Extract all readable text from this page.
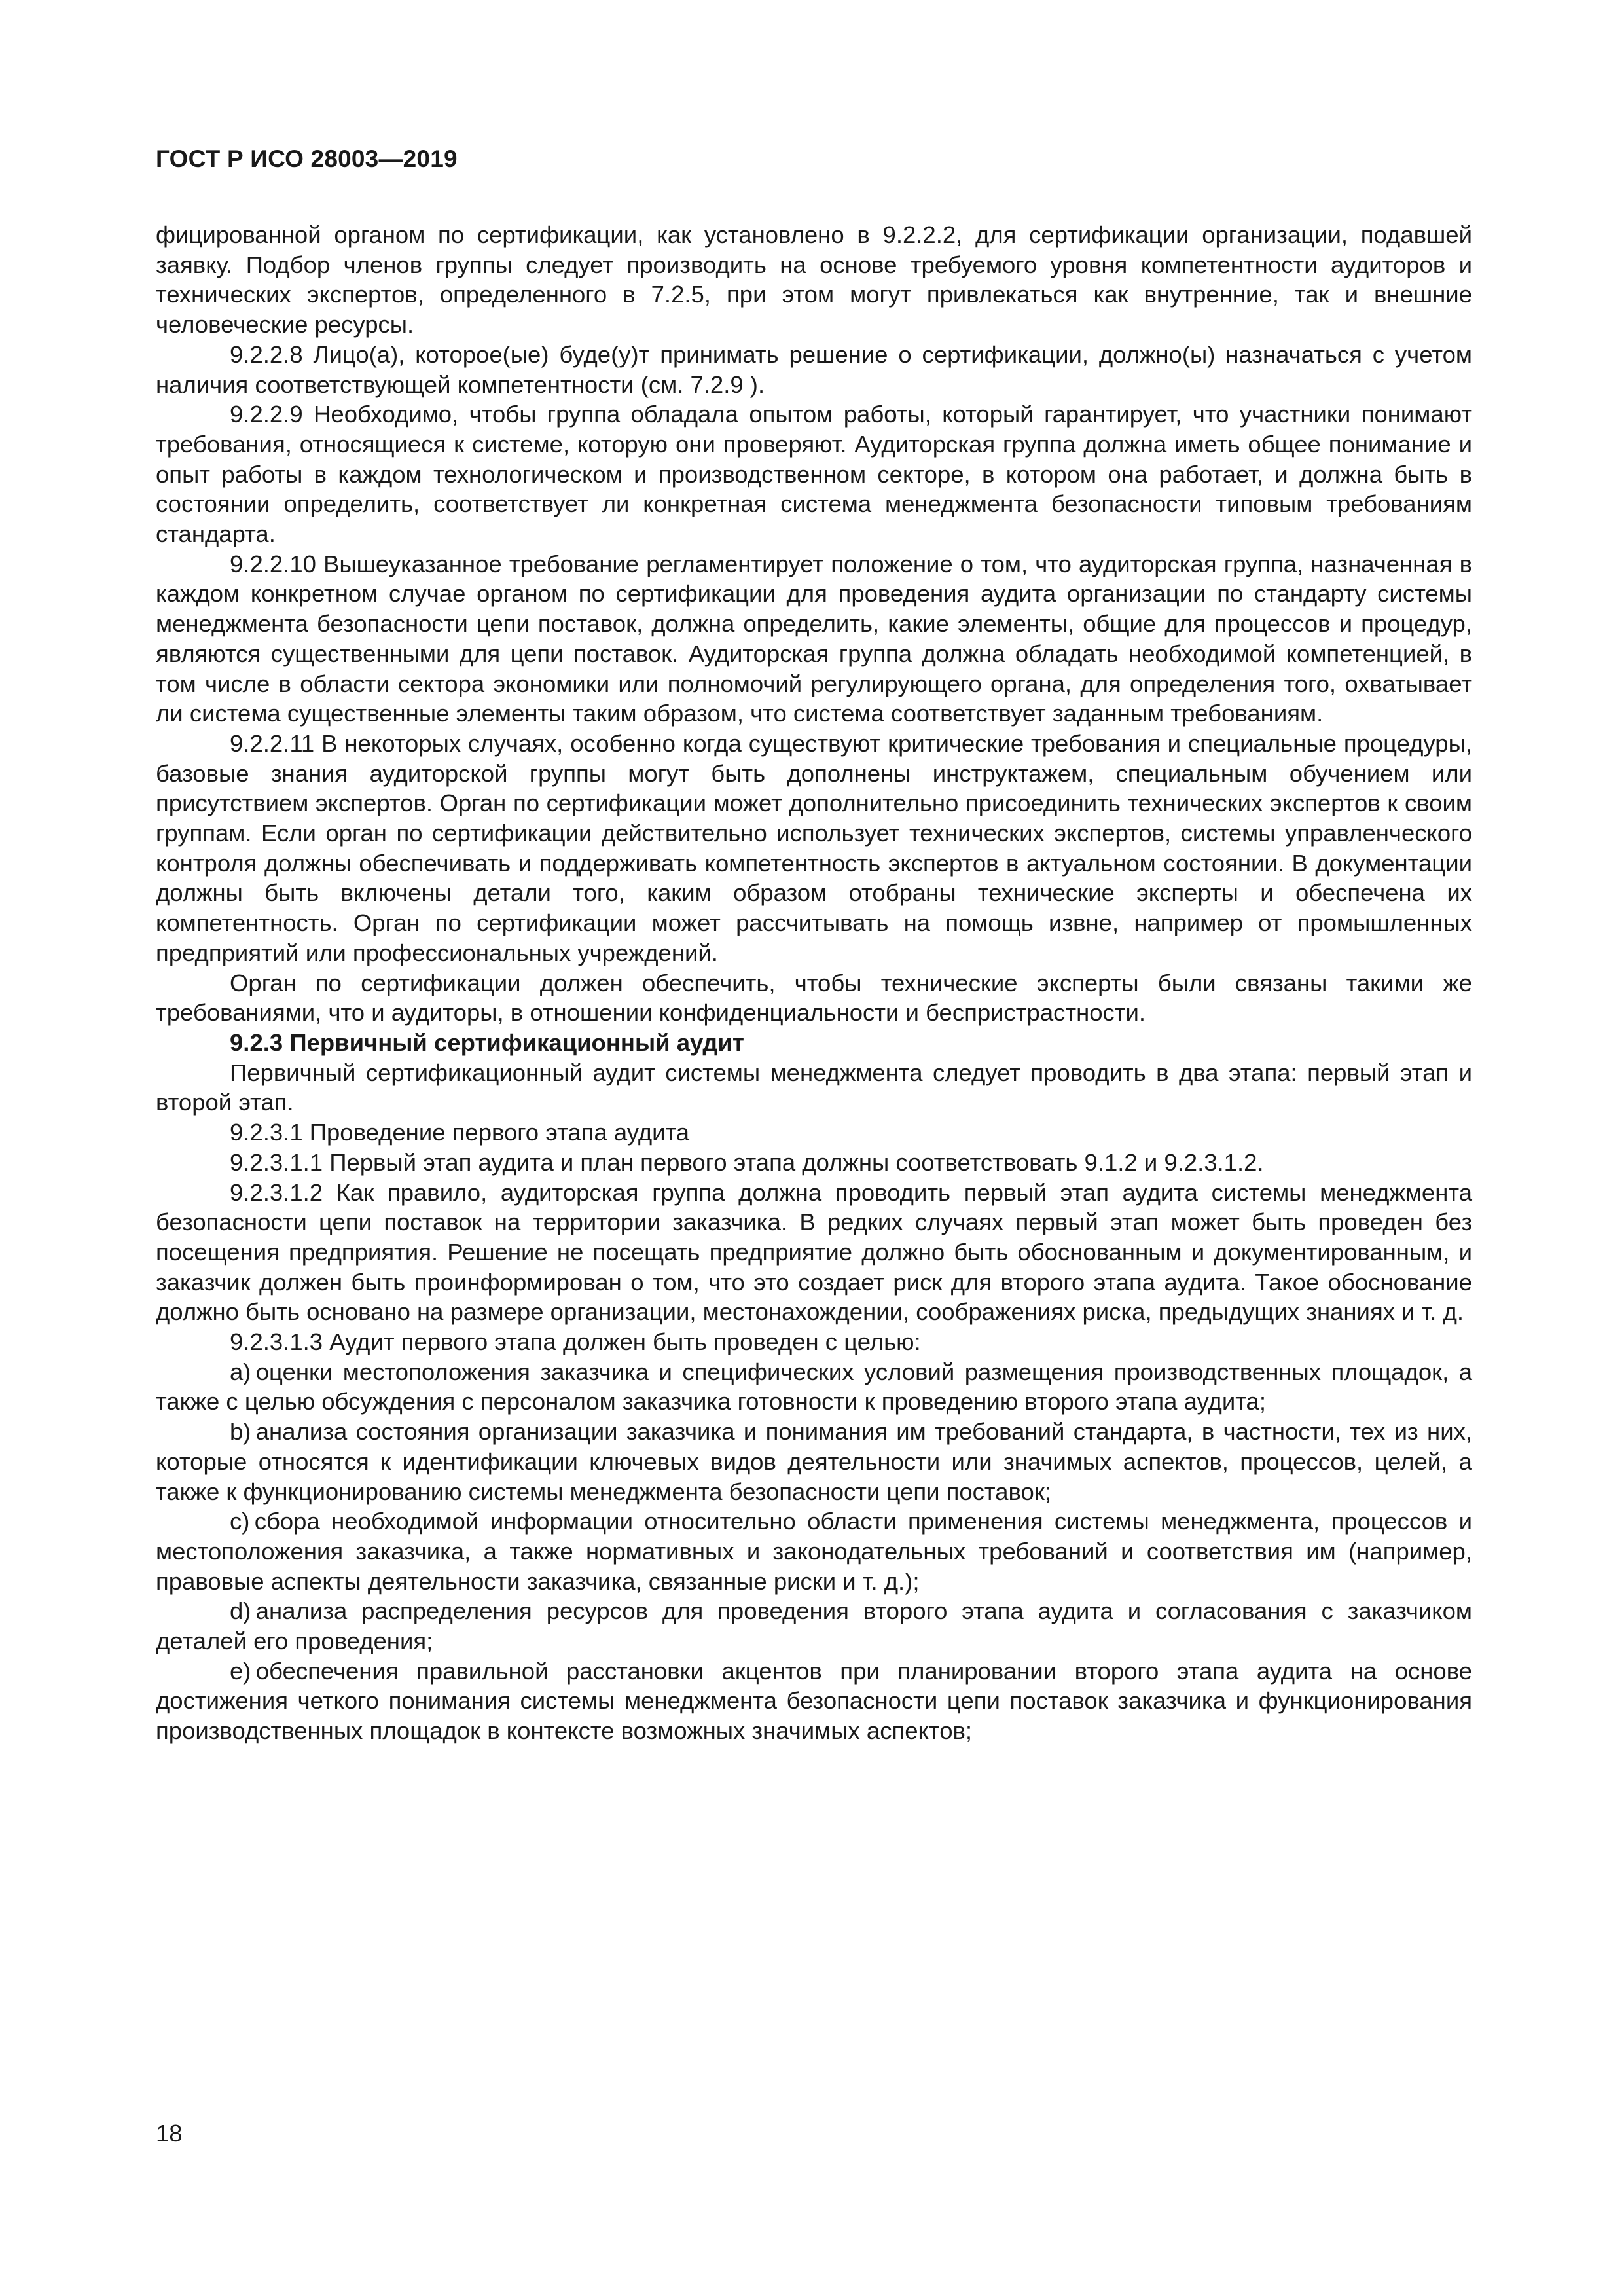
ГОСТ Р ИСО 28003—2019

фицированной органом по сертификации, как установлено в 9.2.2.2, для сертификации организации, подавшей заявку. Подбор членов группы следует производить на основе требуемого уровня компетентности аудиторов и технических экспертов, определенного в 7.2.5, при этом могут привлекаться как внутренние, так и внешние человеческие ресурсы.

9.2.2.8 Лицо(а), которое(ые) буде(у)т принимать решение о сертификации, должно(ы) назначаться с учетом наличия соответствующей компетентности (см. 7.2.9 ).

9.2.2.9 Необходимо, чтобы группа обладала опытом работы, который гарантирует, что участники понимают требования, относящиеся к системе, которую они проверяют. Аудиторская группа должна иметь общее понимание и опыт работы в каждом технологическом и производственном секторе, в котором она работает, и должна быть в состоянии определить, соответствует ли конкретная система менеджмента безопасности типовым требованиям стандарта.

9.2.2.10 Вышеуказанное требование регламентирует положение о том, что аудиторская группа, назначенная в каждом конкретном случае органом по сертификации для проведения аудита организации по стандарту системы менеджмента безопасности цепи поставок, должна определить, какие элементы, общие для процессов и процедур, являются существенными для цепи поставок. Аудиторская группа должна обладать необходимой компетенцией, в том числе в области сектора экономики или полномочий регулирующего органа, для определения того, охватывает ли система существенные элементы таким образом, что система соответствует заданным требованиям.

9.2.2.11 В некоторых случаях, особенно когда существуют критические требования и специальные процедуры, базовые знания аудиторской группы могут быть дополнены инструктажем, специальным обучением или присутствием экспертов. Орган по сертификации может дополнительно присоединить технических экспертов к своим группам. Если орган по сертификации действительно использует технических экспертов, системы управленческого контроля должны обеспечивать и поддерживать компетентность экспертов в актуальном состоянии. В документации должны быть включены детали того, каким образом отобраны технические эксперты и обеспечена их компетентность. Орган по сертификации может рассчитывать на помощь извне, например от промышленных предприятий или профессиональных учреждений.

Орган по сертификации должен обеспечить, чтобы технические эксперты были связаны такими же требованиями, что и аудиторы, в отношении конфиденциальности и беспристрастности.

9.2.3 Первичный сертификационный аудит

Первичный сертификационный аудит системы менеджмента следует проводить в два этапа: первый этап и второй этап.

9.2.3.1 Проведение первого этапа аудита

9.2.3.1.1 Первый этап аудита и план первого этапа должны соответствовать 9.1.2 и 9.2.3.1.2.

9.2.3.1.2 Как правило, аудиторская группа должна проводить первый этап аудита системы менеджмента безопасности цепи поставок на территории заказчика. В редких случаях первый этап может быть проведен без посещения предприятия. Решение не посещать предприятие должно быть обоснованным и документированным, и заказчик должен быть проинформирован о том, что это создает риск для второго этапа аудита. Такое обоснование должно быть основано на размере организации, местонахождении, соображениях риска, предыдущих знаниях и т. д.

9.2.3.1.3 Аудит первого этапа должен быть проведен с целью:

a) оценки местоположения заказчика и специфических условий размещения производственных площадок, а также с целью обсуждения с персоналом заказчика готовности к проведению второго этапа аудита;

b) анализа состояния организации заказчика и понимания им требований стандарта, в частности, тех из них, которые относятся к идентификации ключевых видов деятельности или значимых аспектов, процессов, целей, а также к функционированию системы менеджмента безопасности цепи поставок;

c) сбора необходимой информации относительно области применения системы менеджмента, процессов и местоположения заказчика, а также нормативных и законодательных требований и соответствия им (например, правовые аспекты деятельности заказчика, связанные риски и т. д.);

d) анализа распределения ресурсов для проведения второго этапа аудита и согласования с заказчиком деталей его проведения;

e) обеспечения правильной расстановки акцентов при планировании второго этапа аудита на основе достижения четкого понимания системы менеджмента безопасности цепи поставок заказчика и функционирования производственных площадок в контексте возможных значимых аспектов;

18
